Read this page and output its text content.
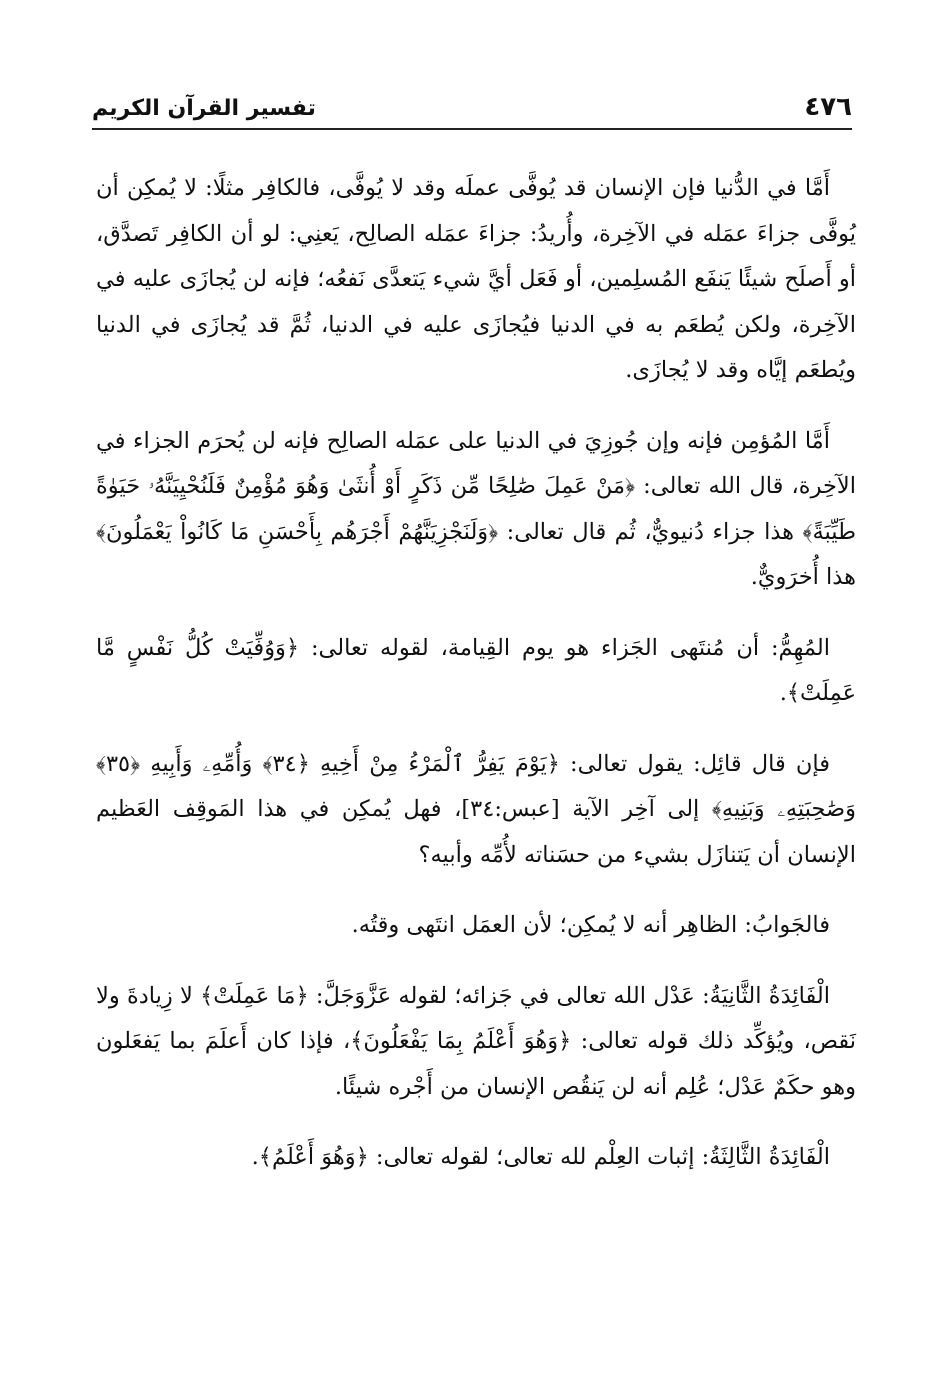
٤٧٦
تفسير القرآن الكريم

أَمَّا في الدُّنيا فإن الإنسان قد يُوفَّى عملَه وقد لا يُوفَّى، فالكافِر مثلًا: لا يُمكِن أن يُوفَّى جزاءَ عمَله في الآخِرة، وأُريدُ: جزاءَ عمَله الصالِح، يَعنِي: لو أن الكافِر تَصدَّق، أو أَصلَح شيئًا يَنفَع المُسلِمين، أو فَعَل أيَّ شيء يَتعدَّى نَفعُه؛ فإنه لن يُجازَى عليه في الآخِرة، ولكن يُطعَم به في الدنيا فيُجازَى عليه في الدنيا، ثُمَّ قد يُجازَى في الدنيا ويُطعَم إيَّاه وقد لا يُجازَى.

أَمَّا المُؤمِن فإنه وإن جُوزِيَ في الدنيا على عمَله الصالِح فإنه لن يُحرَم الجزاء في الآخِرة، قال الله تعالى: ﴿مَنْ عَمِلَ صَٰلِحًا مِّن ذَكَرٍ أَوْ أُنثَىٰ وَهُوَ مُؤْمِنٌ فَلَنُحْيِيَنَّهُۥ حَيَوٰةً طَيِّبَةً﴾ هذا جزاء دُنيويٌّ، ثُم قال تعالى: ﴿وَلَنَجْزِيَنَّهُمْ أَجْرَهُم بِأَحْسَنِ مَا كَانُواْ يَعْمَلُونَ﴾ هذا أُخرَويٌّ.

المُهِمُّ: أن مُنتَهى الجَزاء هو يوم القِيامة، لقوله تعالى: ﴿وَوُفِّيَتْ كُلُّ نَفْسٍ مَّا عَمِلَتْ﴾.

فإن قال قائِل: يقول تعالى: ﴿يَوْمَ يَفِرُّ ٱلْمَرْءُ مِنْ أَخِيهِ ﴿٣٤﴾ وَأُمِّهِۦ وَأَبِيهِ ﴿٣٥﴾ وَصَٰحِبَتِهِۦ وَبَنِيهِ﴾ إلى آخِر الآية [عبس:٣٤]، فهل يُمكِن في هذا المَوقِف العَظيم الإنسان أن يَتنازَل بشيء من حسَناته لأُمِّه وأبيه؟

فالجَوابُ: الظاهِر أنه لا يُمكِن؛ لأن العمَل انتَهى وقتُه.

الْفَائِدَةُ الثَّانِيَةُ: عَدْل الله تعالى في جَزائه؛ لقوله عَزَّوَجَلَّ: ﴿مَا عَمِلَتْ﴾ لا زِيادةَ ولا نَقص، ويُؤكِّد ذلك قوله تعالى: ﴿وَهُوَ أَعْلَمُ بِمَا يَفْعَلُونَ﴾، فإذا كان أَعلَمَ بما يَفعَلون وهو حكَمٌ عَدْل؛ عُلِم أنه لن يَنقُص الإنسان من أَجْره شيئًا.

الْفَائِدَةُ الثَّالِثَةُ: إثبات العِلْم لله تعالى؛ لقوله تعالى: ﴿وَهُوَ أَعْلَمُ﴾.
